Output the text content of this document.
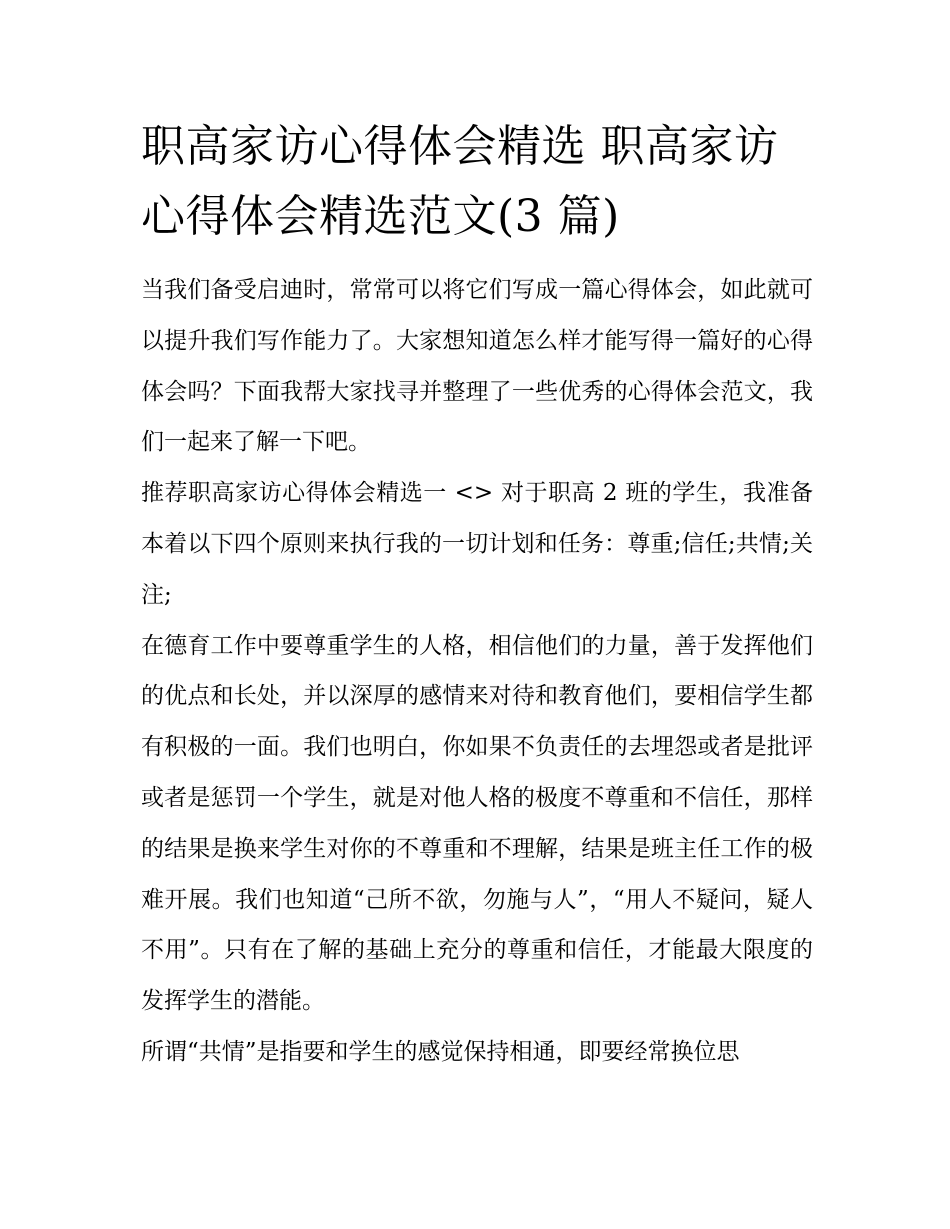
职高家访心得体会精选 职高家访心得体会精选范文(3 篇)

当我们备受启迪时，常常可以将它们写成一篇心得体会，如此就可以提升我们写作能力了。大家想知道怎么样才能写得一篇好的心得体会吗？下面我帮大家找寻并整理了一些优秀的心得体会范文，我们一起来了解一下吧。

推荐职高家访心得体会精选一 <> 对于职高 2 班的学生，我准备本着以下四个原则来执行我的一切计划和任务：尊重;信任;共情;关注;

在德育工作中要尊重学生的人格，相信他们的力量，善于发挥他们的优点和长处，并以深厚的感情来对待和教育他们，要相信学生都有积极的一面。我们也明白，你如果不负责任的去埋怨或者是批评或者是惩罚一个学生，就是对他人格的极度不尊重和不信任，那样的结果是换来学生对你的不尊重和不理解，结果是班主任工作的极难开展。我们也知道“己所不欲，勿施与人”，“用人不疑问，疑人不用”。只有在了解的基础上充分的尊重和信任，才能最大限度的发挥学生的潜能。

所谓“共情”是指要和学生的感觉保持相通，即要经常换位思
